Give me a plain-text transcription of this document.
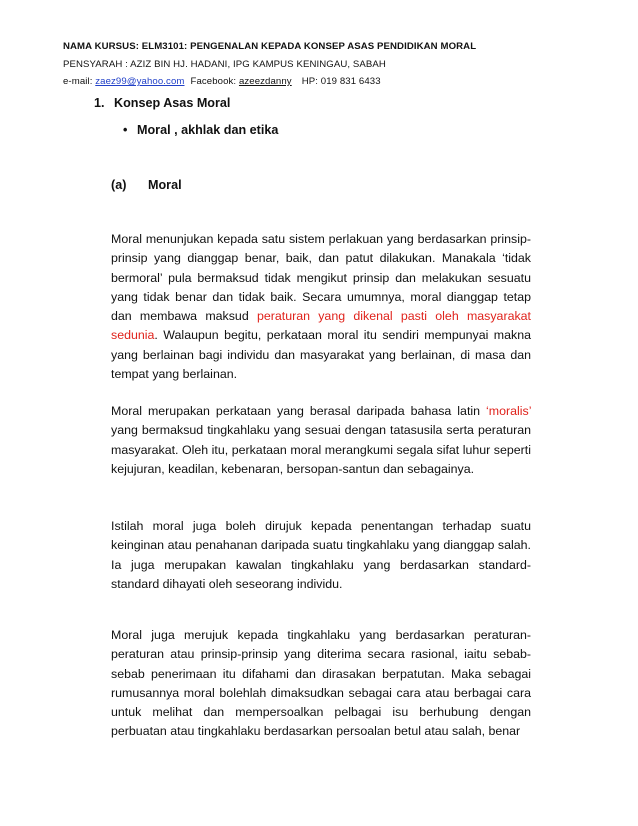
NAMA KURSUS: ELM3101: PENGENALAN KEPADA KONSEP ASAS PENDIDIKAN MORAL
PENSYARAH : AZIZ BIN HJ. HADANI, IPG KAMPUS KENINGAU, SABAH
e-mail: zaez99@yahoo.com Facebook: azeezdanny HP: 019 831 6433
1. Konsep Asas Moral
• Moral , akhlak dan etika
(a) Moral
Moral menunjukan kepada satu sistem perlakuan yang berdasarkan prinsip-prinsip yang dianggap benar, baik, dan patut dilakukan. Manakala ‘tidak bermoral’ pula bermaksud tidak mengikut prinsip dan melakukan sesuatu yang tidak benar dan tidak baik. Secara umumnya, moral dianggap tetap dan membawa maksud peraturan yang dikenal pasti oleh masyarakat sedunia. Walaupun begitu, perkataan moral itu sendiri mempunyai makna yang berlainan bagi individu dan masyarakat yang berlainan, di masa dan tempat yang berlainan.
Moral merupakan perkataan yang berasal daripada bahasa latin ‘moralis’ yang bermaksud tingkahlaku yang sesuai dengan tatasusila serta peraturan masyarakat. Oleh itu, perkataan moral merangkumi segala sifat luhur seperti kejujuran, keadilan, kebenaran, bersopan-santun dan sebagainya.
Istilah moral juga boleh dirujuk kepada penentangan terhadap suatu keinginan atau penahanan daripada suatu tingkahlaku yang dianggap salah. Ia juga merupakan kawalan tingkahlaku yang berdasarkan standard-standard dihayati oleh seseorang individu.
Moral juga merujuk kepada tingkahlaku yang berdasarkan peraturan-peraturan atau prinsip-prinsip yang diterima secara rasional, iaitu sebab-sebab penerimaan itu difahami dan dirasakan berpatutan. Maka sebagai rumusannya moral bolehlah dimaksudkan sebagai cara atau berbagai cara untuk melihat dan mempersoalkan pelbagai isu berhubung dengan perbuatan atau tingkahlaku berdasarkan persoalan betul atau salah, benar
